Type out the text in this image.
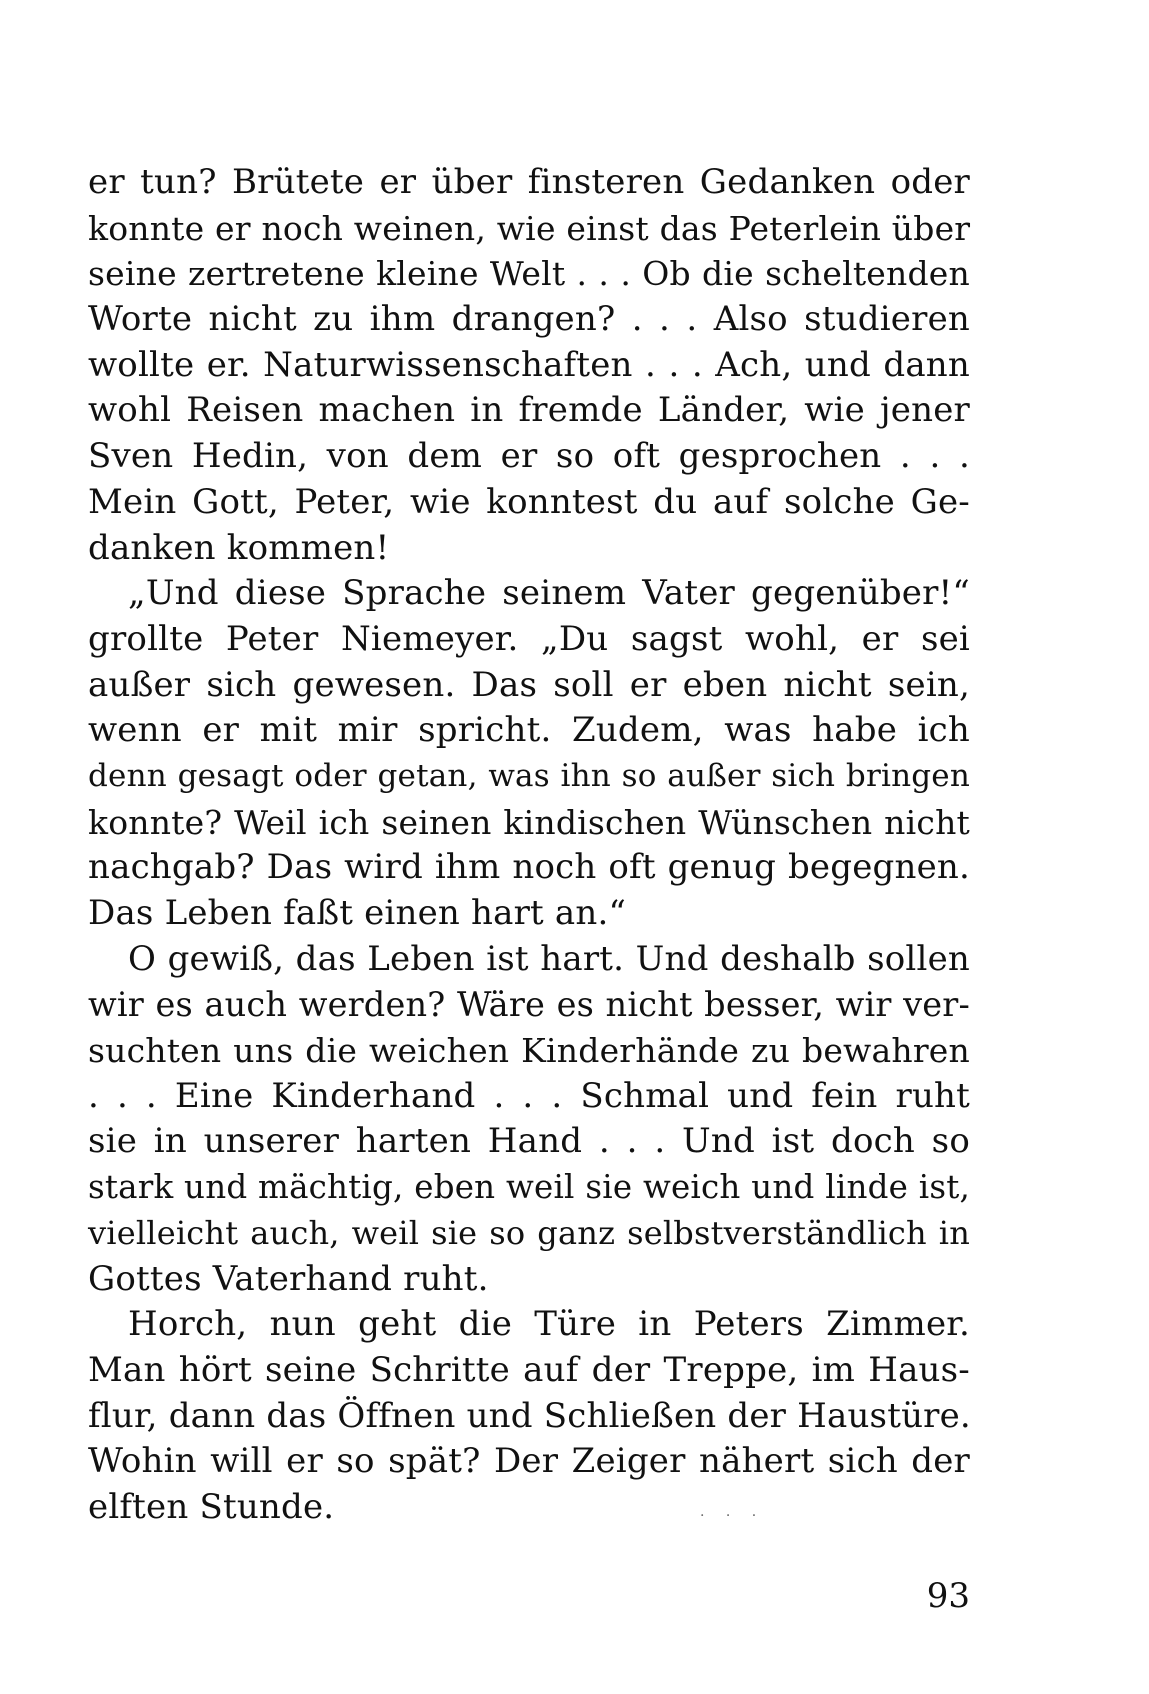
er tun? Brütete er über finsteren Gedanken oder
konnte er noch weinen, wie einst das Peterlein über
seine zertretene kleine Welt . . . Ob die scheltenden
Worte nicht zu ihm drangen? . . . Also studieren
wollte er. Naturwissenschaften . . . Ach, und dann
wohl Reisen machen in fremde Länder, wie jener
Sven Hedin, von dem er so oft gesprochen . . .
Mein Gott, Peter, wie konntest du auf solche Ge-
danken kommen!
„Und diese Sprache seinem Vater gegenüber!“
grollte Peter Niemeyer. „Du sagst wohl, er sei
außer sich gewesen. Das soll er eben nicht sein,
wenn er mit mir spricht. Zudem, was habe ich
denn gesagt oder getan, was ihn so außer sich bringen
konnte? Weil ich seinen kindischen Wünschen nicht
nachgab? Das wird ihm noch oft genug begegnen.
Das Leben faßt einen hart an.“
O gewiß, das Leben ist hart. Und deshalb sollen
wir es auch werden? Wäre es nicht besser, wir ver-
suchten uns die weichen Kinderhände zu bewahren
. . . Eine Kinderhand . . . Schmal und fein ruht
sie in unserer harten Hand . . . Und ist doch so
stark und mächtig, eben weil sie weich und linde ist,
vielleicht auch, weil sie so ganz selbstverständlich in
Gottes Vaterhand ruht.
Horch, nun geht die Türe in Peters Zimmer.
Man hört seine Schritte auf der Treppe, im Haus-
flur, dann das Öffnen und Schließen der Haustüre.
Wohin will er so spät? Der Zeiger nähert sich der
elften Stunde.	· · ·
93
